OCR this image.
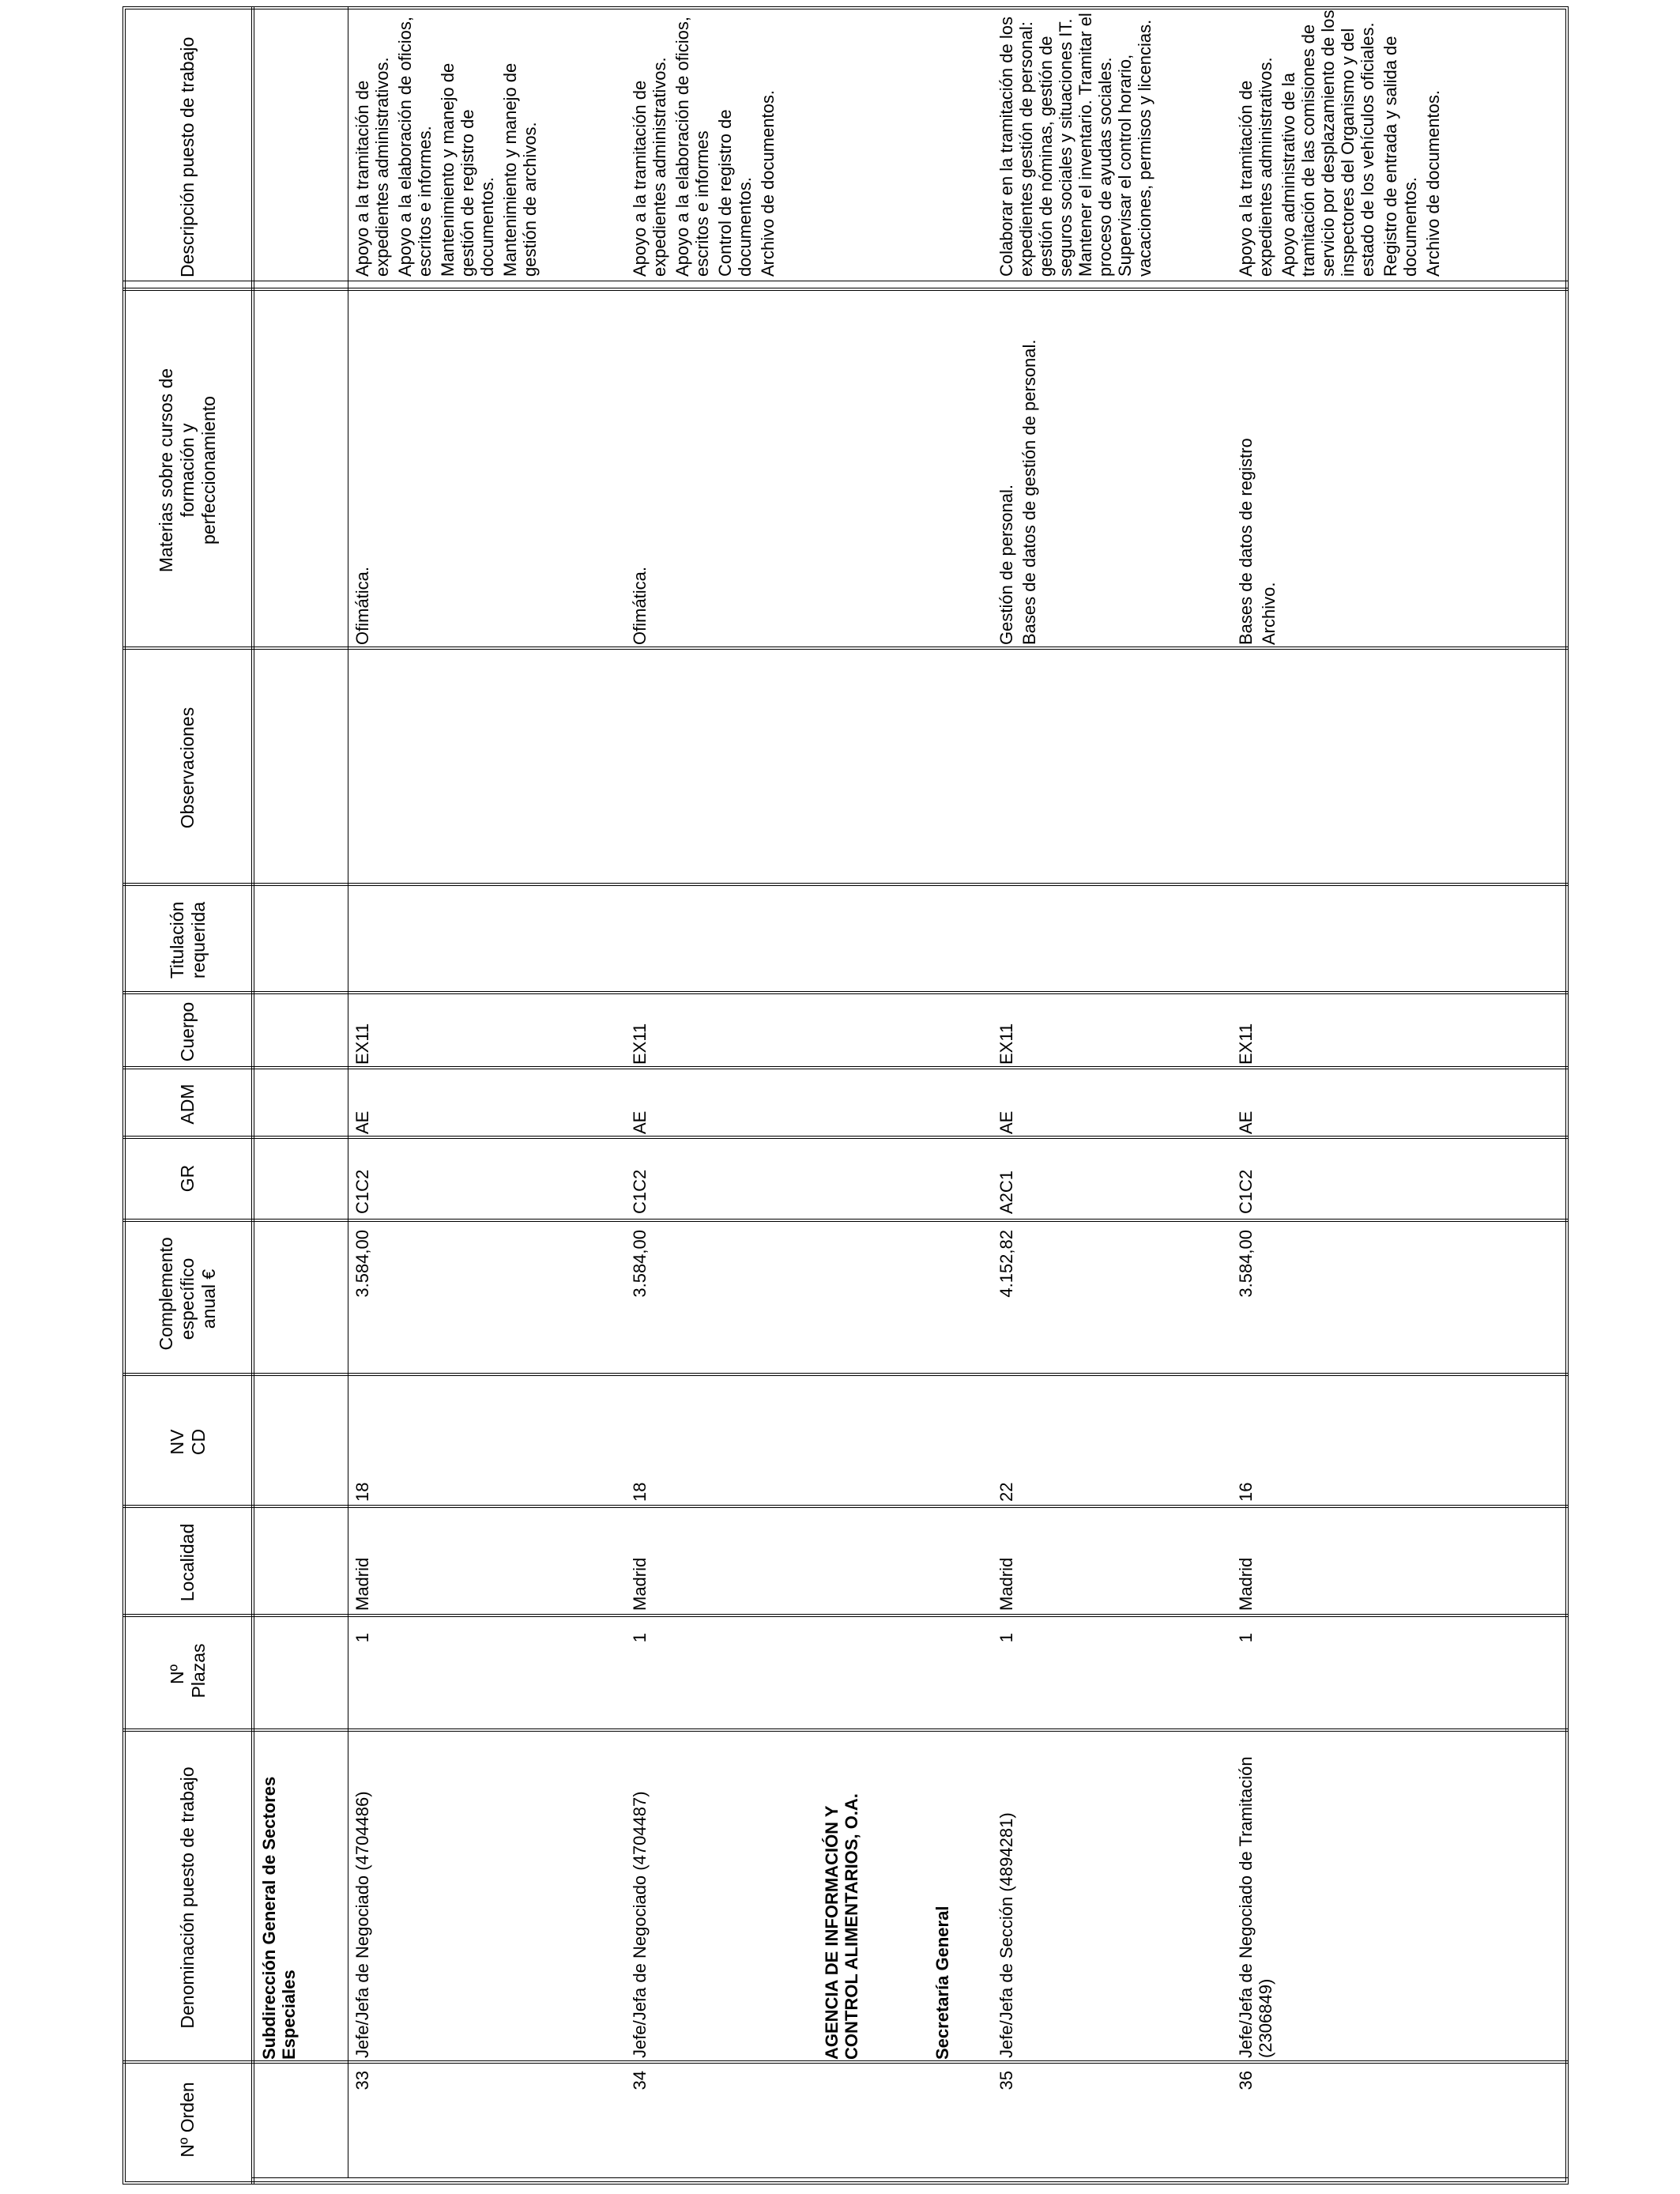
Nº Orden
Denominación puesto de trabajo
Nº Plazas
Localidad
NV CD
Complemento específico anual €
GR
ADM
Cuerpo
Titulación requerida
Observaciones
Materias sobre cursos de formación y perfeccionamiento
Descripción puesto de trabajo
Subdirección General de Sectores Especiales	AGENCIA DE INFORMACIÓN Y CONTROL ALIMENTARIOS, O.A.	Secretaría General
33
Jefe/Jefa de Negociado (4704486)
1
Madrid
18
3.584,00
C1C2
AE
EX11
Ofimática.
Apoyo a la tramitación de expedientes administrativos. Apoyo a la elaboración de oficios, escritos e informes. Mantenimiento y manejo de gestión de registro de documentos. Mantenimiento y manejo de gestión de archivos.
34
Jefe/Jefa de Negociado (4704487)
1
Madrid
18
3.584,00
C1C2
AE
EX11
Ofimática.
Apoyo a la tramitación de expedientes administrativos. Apoyo a la elaboración de oficios, escritos e informes Control de registro de documentos. Archivo de documentos.
35
Jefe/Jefa de Sección (4894281)
1
Madrid
22
4.152,82
A2C1
AE
EX11
Gestión de personal. Bases de datos de gestión de personal.
Colaborar en la tramitación de los expedientes gestión de personal: gestión de nóminas, gestión de seguros sociales y situaciones IT. Mantener el inventario. Tramitar el proceso de ayudas sociales. Supervisar el control horario, vacaciones, permisos y licencias.
36
Jefe/Jefa de Negociado de Tramitación (2306849)
1
Madrid
16
3.584,00
C1C2
AE
EX11
Bases de datos de registro Archivo.
Apoyo a la tramitación de expedientes administrativos. Apoyo administrativo de la tramitación de las comisiones de servicio por desplazamiento de los inspectores del Organismo y del estado de los vehículos oficiales. Registro de entrada y salida de documentos. Archivo de documentos.
